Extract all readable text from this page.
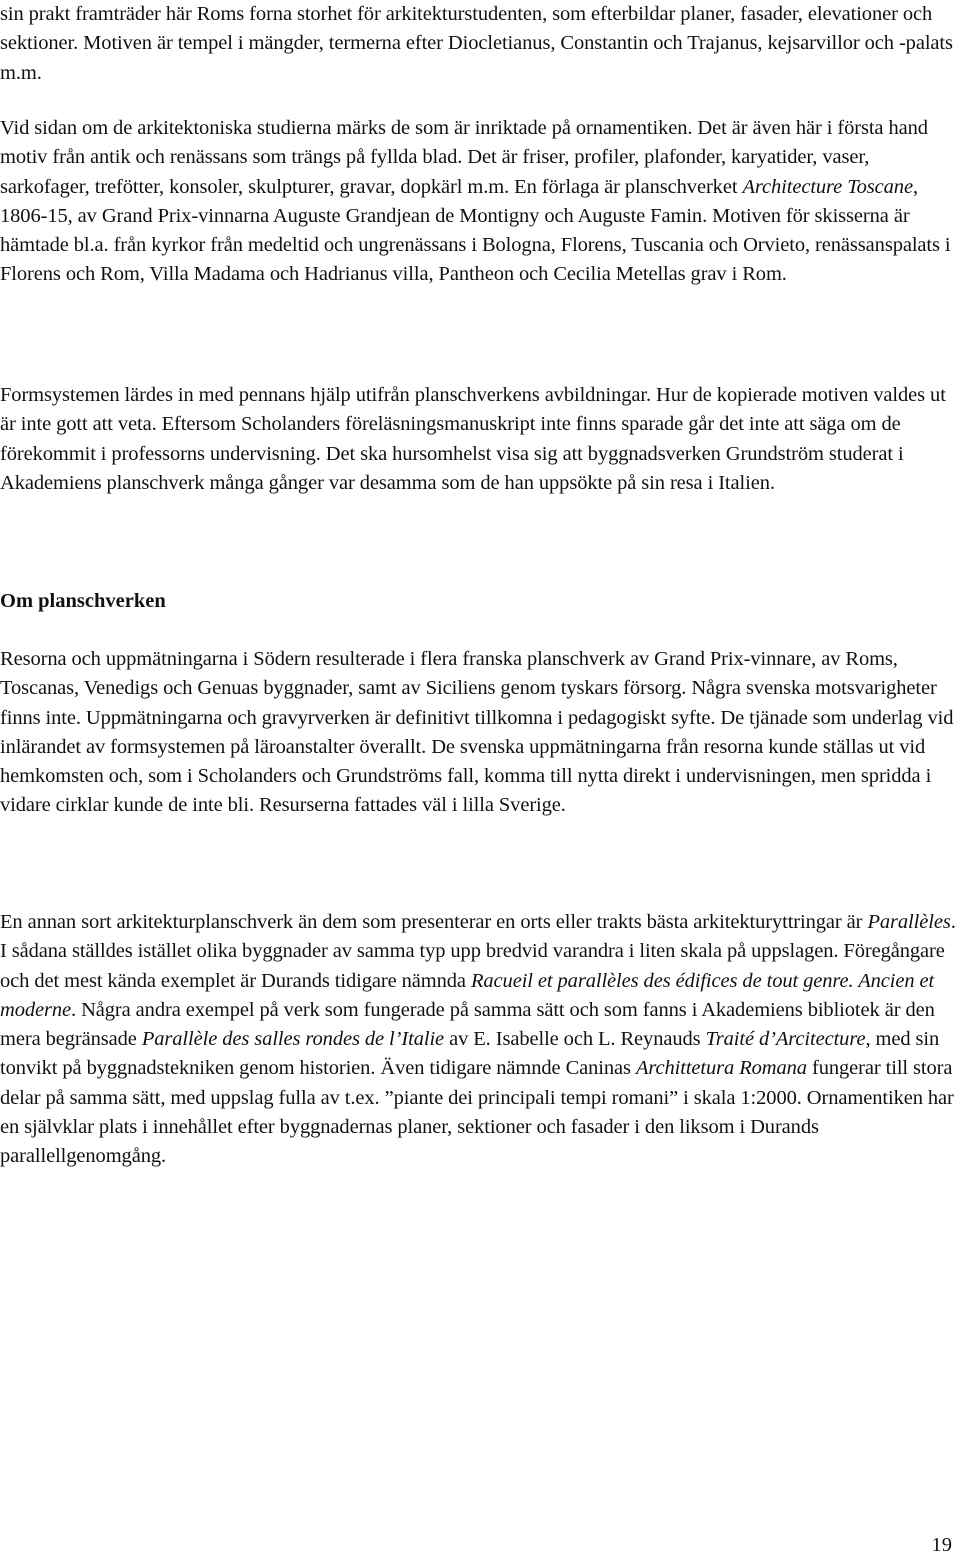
sin prakt framträder här Roms forna storhet för arkitekturstudenten, som efterbildar planer, fasader, elevationer och sektioner. Motiven är tempel i mängder, termerna efter Diocletianus, Constantin och Trajanus, kejsarvillor och -palats m.m.

Vid sidan om de arkitektoniska studierna märks de som är inriktade på ornamentiken. Det är även här i första hand motiv från antik och renässans som trängs på fyllda blad. Det är friser, profiler, plafonder, karyatider, vaser, sarkofager, trefötter, konsoler, skulpturer, gravar, dopkärl m.m. En förlaga är planschverket Architecture Toscane, 1806-15, av Grand Prix-vinnarna Auguste Grandjean de Montigny och Auguste Famin. Motiven för skisserna är hämtade bl.a. från kyrkor från medeltid och ungrenässans i Bologna, Florens, Tuscania och Orvieto, renässanspalats i Florens och Rom, Villa Madama och Hadrianus villa, Pantheon och Cecilia Metellas grav i Rom.

Formsystemen lärdes in med pennans hjälp utifrån planschverkens avbildningar. Hur de kopierade motiven valdes ut är inte gott att veta. Eftersom Scholanders föreläsningsmanuskript inte finns sparade går det inte att säga om de förekommit i professorns undervisning. Det ska hursomhelst visa sig att byggnadsverken Grundström studerat i Akademiens planschverk många gånger var desamma som de han uppsökte på sin resa i Italien.

Om planschverken

Resorna och uppmätningarna i Södern resulterade i flera franska planschverk av Grand Prix-vinnare, av Roms, Toscanas, Venedigs och Genuas byggnader, samt av Siciliens genom tyskars försorg. Några svenska motsvarigheter finns inte. Uppmätningarna och gravyrverken är definitivt tillkomna i pedagogiskt syfte. De tjänade som underlag vid inlärandet av formsystemen på läroanstalter överallt. De svenska uppmätningarna från resorna kunde ställas ut vid hemkomsten och, som i Scholanders och Grundströms fall, komma till nytta direkt i undervisningen, men spridda i vidare cirklar kunde de inte bli. Resurserna fattades väl i lilla Sverige.

En annan sort arkitekturplanschverk än dem som presenterar en orts eller trakts bästa arkitekturyttringar är Parallèles. I sådana ställdes istället olika byggnader av samma typ upp bredvid varandra i liten skala på uppslagen. Föregångare och det mest kända exemplet är Durands tidigare nämnda Racueil et parallèles des édifices de tout genre. Ancien et moderne. Några andra exempel på verk som fungerade på samma sätt och som fanns i Akademiens bibliotek är den mera begränsade Parallèle des salles rondes de l’Italie av E. Isabelle och L. Reynauds Traité d’Arcitecture, med sin tonvikt på byggnadstekniken genom historien. Även tidigare nämnde Caninas Archittetura Romana fungerar till stora delar på samma sätt, med uppslag fulla av t.ex. ”piante dei principali tempi romani” i skala 1:2000. Ornamentiken har en självklar plats i innehållet efter byggnadernas planer, sektioner och fasader i den liksom i Durands parallellgenomgång.

19
